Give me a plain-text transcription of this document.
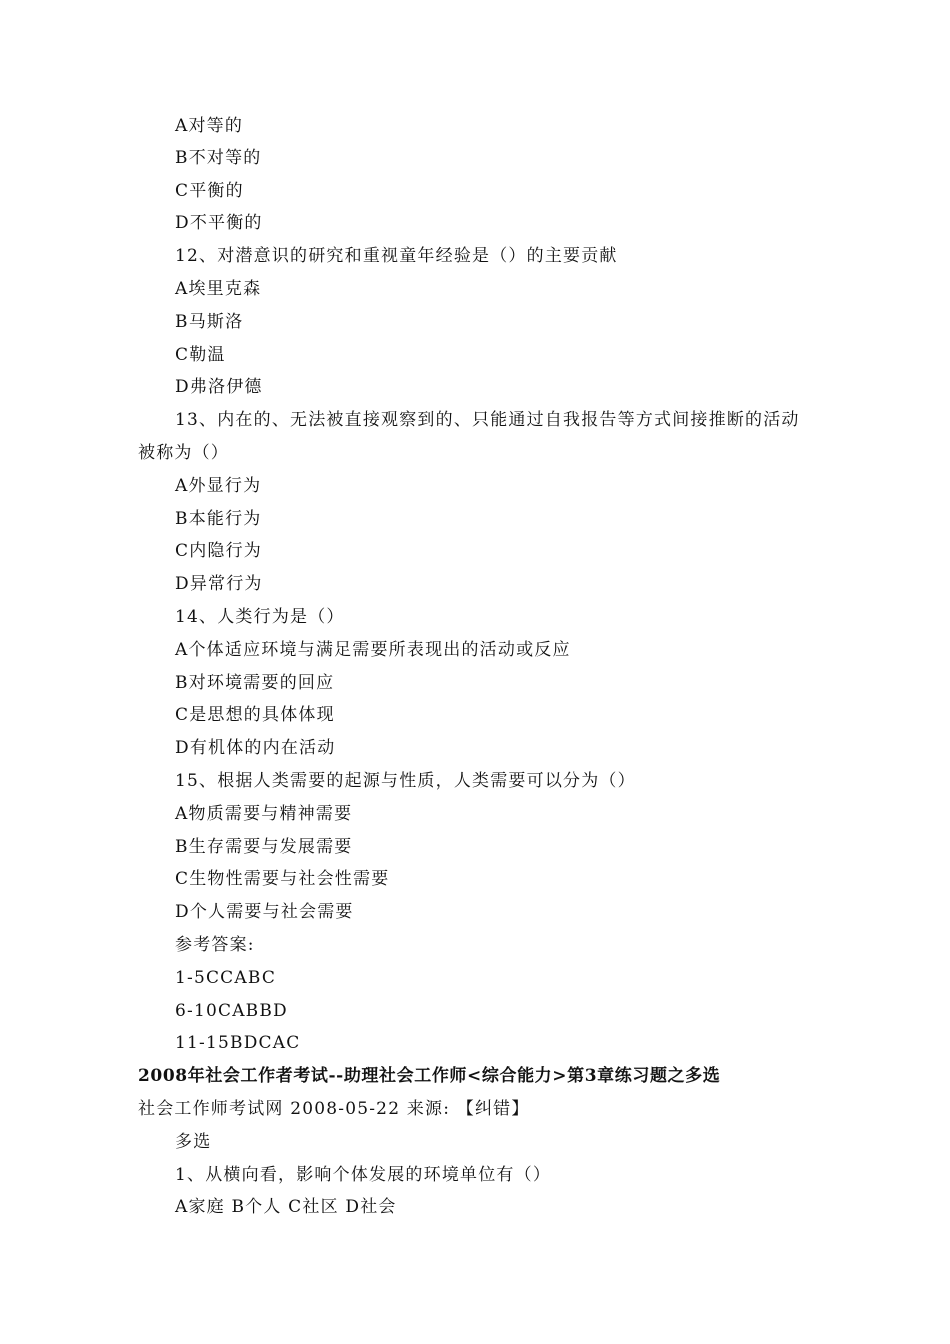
A对等的
B不对等的
C平衡的
D不平衡的
12、对潜意识的研究和重视童年经验是（）的主要贡献
A埃里克森
B马斯洛
C勒温
D弗洛伊德
13、内在的、无法被直接观察到的、只能通过自我报告等方式间接推断的活动
被称为（）
A外显行为
B本能行为
C内隐行为
D异常行为
14、人类行为是（）
A个体适应环境与满足需要所表现出的活动或反应
B对环境需要的回应
C是思想的具体体现
D有机体的内在活动
15、根据人类需要的起源与性质，人类需要可以分为（）
A物质需要与精神需要
B生存需要与发展需要
C生物性需要与社会性需要
D个人需要与社会需要
参考答案:
1-5CCABC
6-10CABBD
11-15BDCAC
2008年社会工作者考试--助理社会工作师<综合能力>第3章练习题之多选
社会工作师考试网 2008-05-22 来源: 【纠错】
多选
1、从横向看，影响个体发展的环境单位有（）
A家庭 B个人 C社区 D社会
